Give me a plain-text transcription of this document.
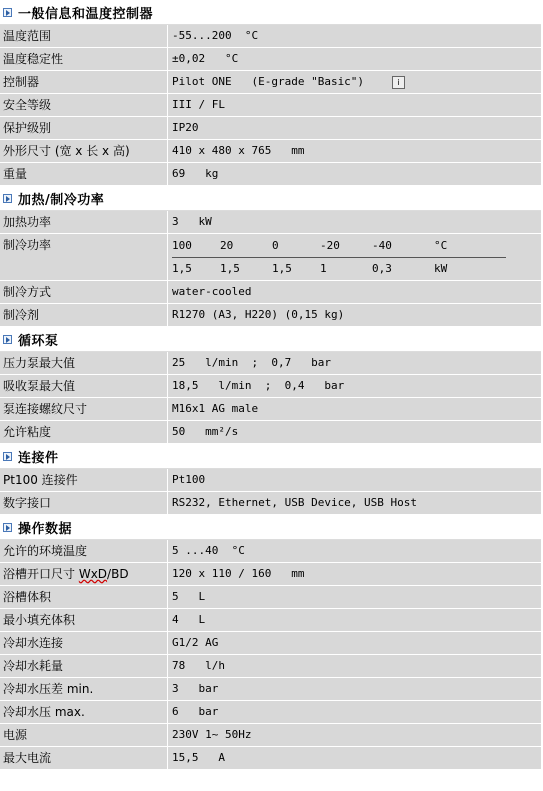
一般信息和温度控制器
温度范围	-55...200  °C
温度稳定性	±0,02   °C
控制器	Pilot ONE   (E-grade "Basic")	i
安全等级	III / FL
保护级别	IP20
外形尺寸 (宽 x 长 x 高)	410 x 480 x 765   mm
重量	69   kg
加热/制冷功率
加热功率	3   kW
制冷功率	100	20	0	-20	-40	°C
1,5	1,5	1,5	1	0,3	kW
制冷方式	water-cooled
制冷剂	R1270 (A3, H220) (0,15 kg)
循环泵
压力泵最大值	25   l/min  ;  0,7   bar
吸收泵最大值	18,5   l/min  ;  0,4   bar
泵连接螺纹尺寸	M16x1 AG male
允许粘度	50   mm²/s
连接件
Pt100 连接件	Pt100
数字接口	RS232, Ethernet, USB Device, USB Host
操作数据
允许的环境温度	5 ...40  °C
浴槽开口尺寸 WxD/BD	120 x 110 / 160   mm
浴槽体积	5   L
最小填充体积	4   L
冷却水连接	G1/2 AG
冷却水耗量	78   l/h
冷却水压差 min.	3   bar
冷却水压 max.	6   bar
电源	230V 1~ 50Hz
最大电流	15,5   A
